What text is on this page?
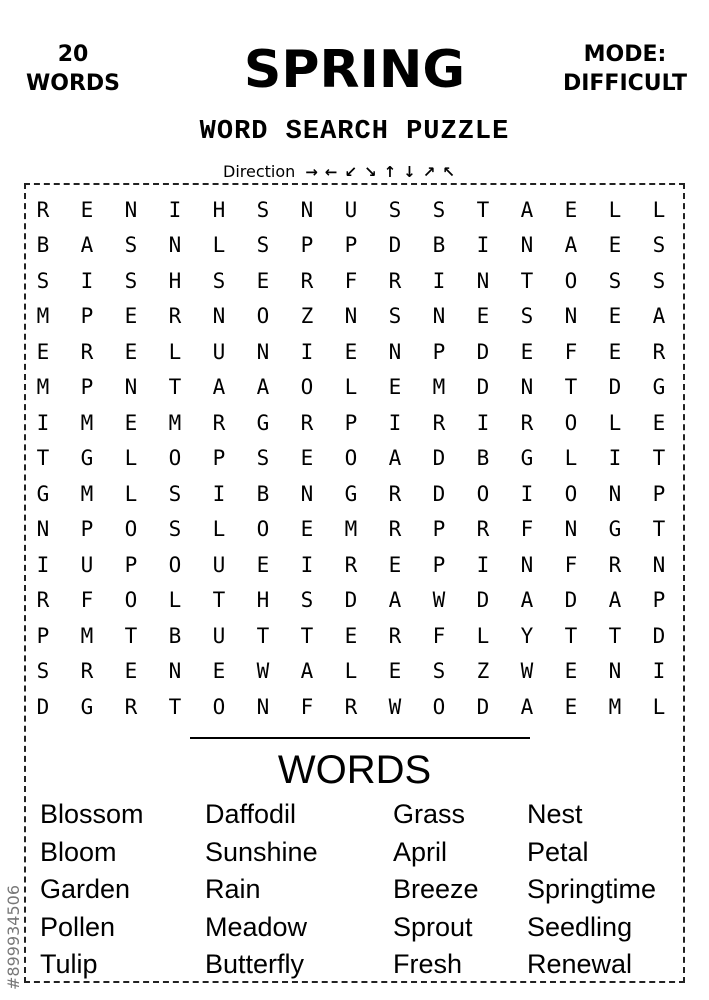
20
WORDS	SPRING	MODE:
DIFFICULT
WORD SEARCH PUZZLE
Direction → ← ↙ ↘ ↑ ↓ ↗ ↖
R	E	N	I	H	S	N	U	S	S	T	A	E	L	L
B	A	S	N	L	S	P	P	D	B	I	N	A	E	S
S	I	S	H	S	E	R	F	R	I	N	T	O	S	S
M	P	E	R	N	O	Z	N	S	N	E	S	N	E	A
E	R	E	L	U	N	I	E	N	P	D	E	F	E	R
M	P	N	T	A	A	O	L	E	M	D	N	T	D	G
I	M	E	M	R	G	R	P	I	R	I	R	O	L	E
T	G	L	O	P	S	E	O	A	D	B	G	L	I	T
G	M	L	S	I	B	N	G	R	D	O	I	O	N	P
N	P	O	S	L	O	E	M	R	P	R	F	N	G	T
I	U	P	O	U	E	I	R	E	P	I	N	F	R	N
R	F	O	L	T	H	S	D	A	W	D	A	D	A	P
P	M	T	B	U	T	T	E	R	F	L	Y	T	T	D
S	R	E	N	E	W	A	L	E	S	Z	W	E	N	I
D	G	R	T	O	N	F	R	W	O	D	A	E	M	L
WORDS
Blossom
Bloom
Garden
Pollen
Tulip
Daffodil
Sunshine
Rain
Meadow
Butterfly
Grass
April
Breeze
Sprout
Fresh
Nest
Petal
Springtime
Seedling
Renewal
#899934506
